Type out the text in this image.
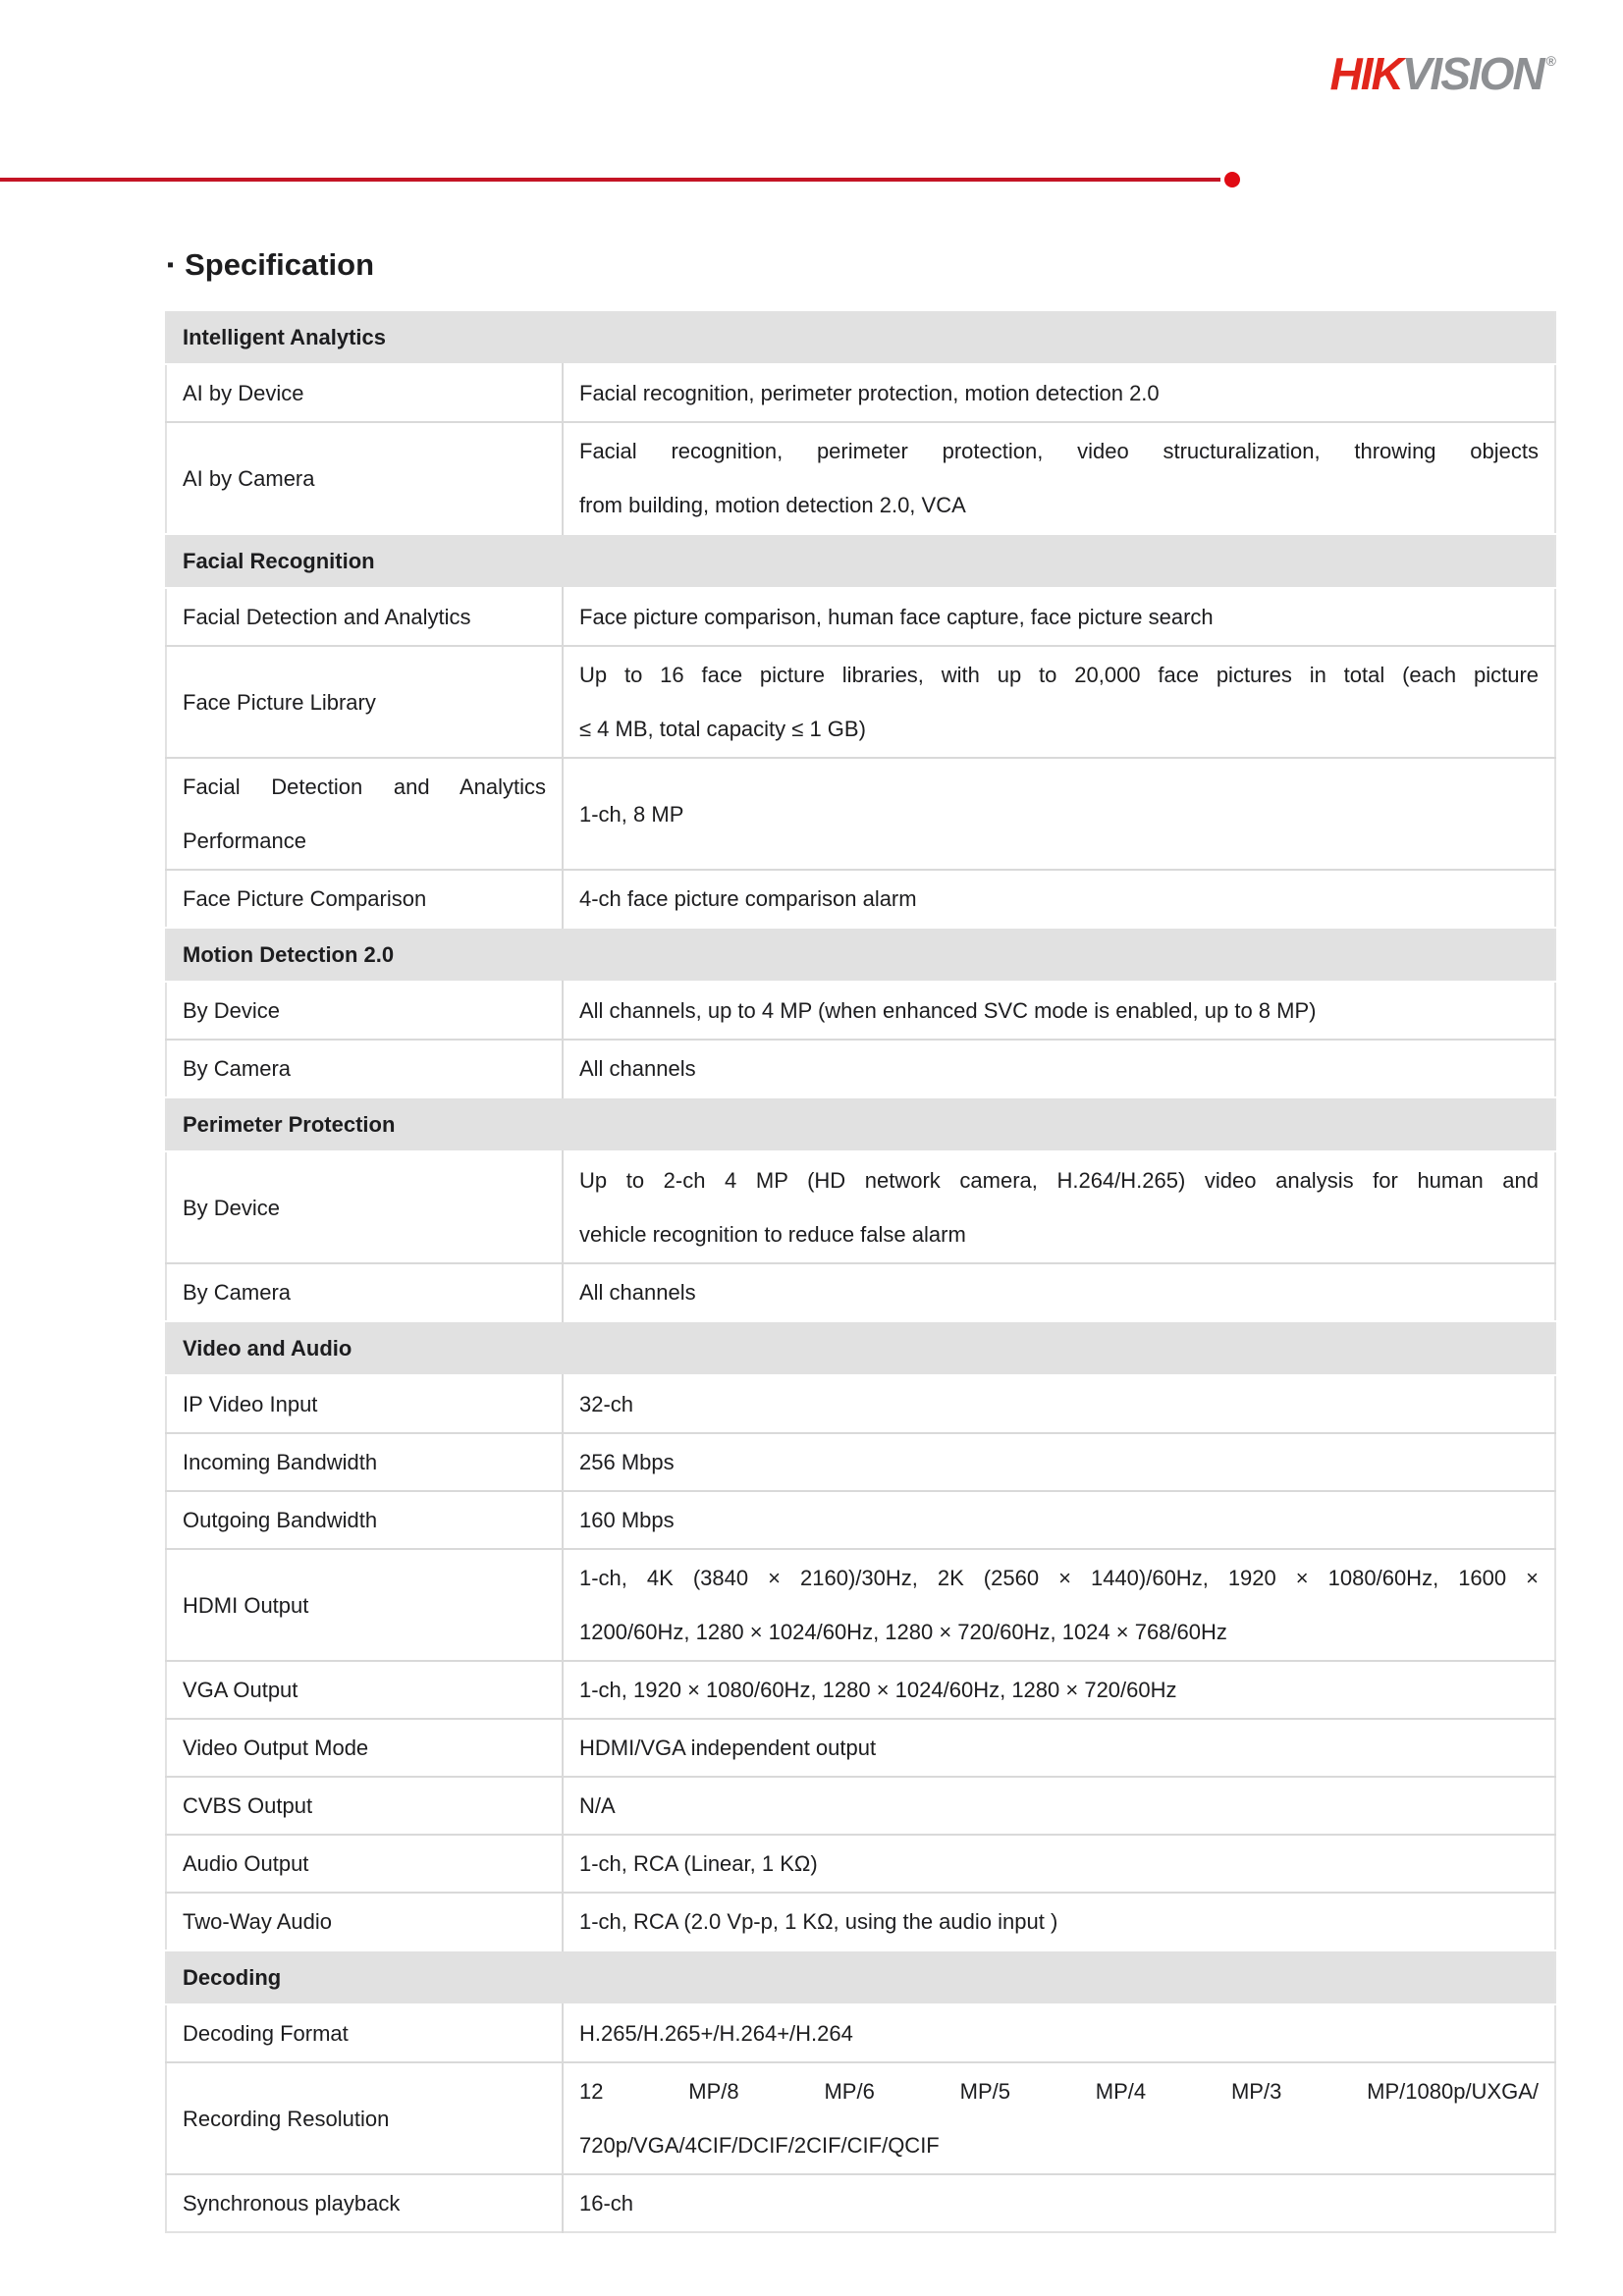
HIKVISION ®
▪ Specification
Intelligent Analytics	
AI by Device	Facial recognition, perimeter protection, motion detection 2.0
AI by Camera	Facial recognition, perimeter protection, video structuralization, throwing objects
from building, motion detection 2.0, VCA

Facial Recognition	
Facial Detection and Analytics	Face picture comparison, human face capture, face picture search
Face Picture Library	Up to 16 face picture libraries, with up to 20,000 face pictures in total (each picture
≤ 4 MB, total capacity ≤ 1 GB)

Facial Detection and Analytics
Performance	1-ch, 8 MP
Face Picture Comparison	4-ch face picture comparison alarm
Motion Detection 2.0	
By Device	All channels, up to 4 MP (when enhanced SVC mode is enabled, up to 8 MP)
By Camera	All channels
Perimeter Protection	
By Device	Up to 2-ch 4 MP (HD network camera, H.264/H.265) video analysis for human and
vehicle recognition to reduce false alarm

By Camera	All channels
Video and Audio	
IP Video Input	32-ch
Incoming Bandwidth	256 Mbps
Outgoing Bandwidth	160 Mbps
HDMI Output	1-ch, 4K (3840 × 2160)/30Hz, 2K (2560 × 1440)/60Hz, 1920 × 1080/60Hz, 1600 ×
1200/60Hz, 1280 × 1024/60Hz, 1280 × 720/60Hz, 1024 × 768/60Hz

VGA Output	1-ch, 1920 × 1080/60Hz, 1280 × 1024/60Hz, 1280 × 720/60Hz
Video Output Mode	HDMI/VGA independent output
CVBS Output	N/A
Audio Output	1-ch, RCA (Linear, 1 KΩ)
Two-Way Audio	1-ch, RCA (2.0 Vp-p, 1 KΩ, using the audio input )
Decoding	
Decoding Format	H.265/H.265+/H.264+/H.264
Recording Resolution	12 MP/8 MP/6 MP/5 MP/4 MP/3 MP/1080p/UXGA/
720p/VGA/4CIF/DCIF/2CIF/CIF/QCIF

Synchronous playback	16-ch
